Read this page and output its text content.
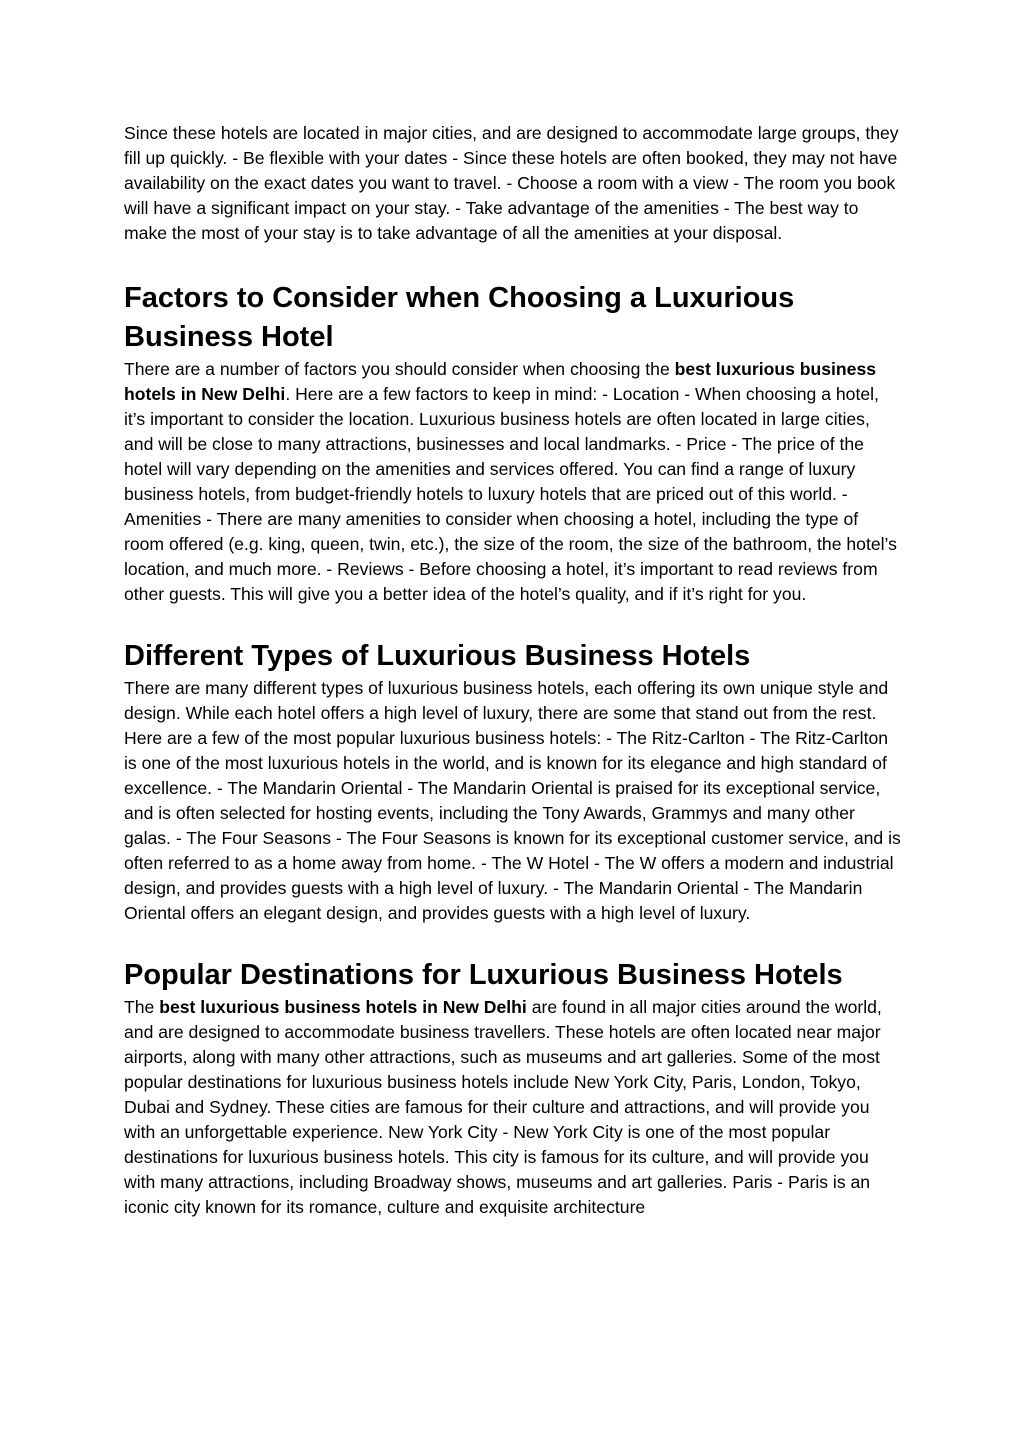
Since these hotels are located in major cities, and are designed to accommodate large groups, they fill up quickly. - Be flexible with your dates - Since these hotels are often booked, they may not have availability on the exact dates you want to travel. - Choose a room with a view - The room you book will have a significant impact on your stay. - Take advantage of the amenities - The best way to make the most of your stay is to take advantage of all the amenities at your disposal.

Factors to Consider when Choosing a Luxurious Business Hotel

There are a number of factors you should consider when choosing the best luxurious business hotels in New Delhi. Here are a few factors to keep in mind: - Location - When choosing a hotel, it’s important to consider the location. Luxurious business hotels are often located in large cities, and will be close to many attractions, businesses and local landmarks. - Price - The price of the hotel will vary depending on the amenities and services offered. You can find a range of luxury business hotels, from budget-friendly hotels to luxury hotels that are priced out of this world. - Amenities - There are many amenities to consider when choosing a hotel, including the type of room offered (e.g. king, queen, twin, etc.), the size of the room, the size of the bathroom, the hotel’s location, and much more. - Reviews - Before choosing a hotel, it’s important to read reviews from other guests. This will give you a better idea of the hotel’s quality, and if it’s right for you.

Different Types of Luxurious Business Hotels

There are many different types of luxurious business hotels, each offering its own unique style and design. While each hotel offers a high level of luxury, there are some that stand out from the rest. Here are a few of the most popular luxurious business hotels: - The Ritz-Carlton - The Ritz-Carlton is one of the most luxurious hotels in the world, and is known for its elegance and high standard of excellence. - The Mandarin Oriental - The Mandarin Oriental is praised for its exceptional service, and is often selected for hosting events, including the Tony Awards, Grammys and many other galas. - The Four Seasons - The Four Seasons is known for its exceptional customer service, and is often referred to as a home away from home. - The W Hotel - The W offers a modern and industrial design, and provides guests with a high level of luxury. - The Mandarin Oriental - The Mandarin Oriental offers an elegant design, and provides guests with a high level of luxury.

Popular Destinations for Luxurious Business Hotels

The best luxurious business hotels in New Delhi are found in all major cities around the world, and are designed to accommodate business travellers. These hotels are often located near major airports, along with many other attractions, such as museums and art galleries. Some of the most popular destinations for luxurious business hotels include New York City, Paris, London, Tokyo, Dubai and Sydney. These cities are famous for their culture and attractions, and will provide you with an unforgettable experience. New York City - New York City is one of the most popular destinations for luxurious business hotels. This city is famous for its culture, and will provide you with many attractions, including Broadway shows, museums and art galleries. Paris - Paris is an iconic city known for its romance, culture and exquisite architecture
